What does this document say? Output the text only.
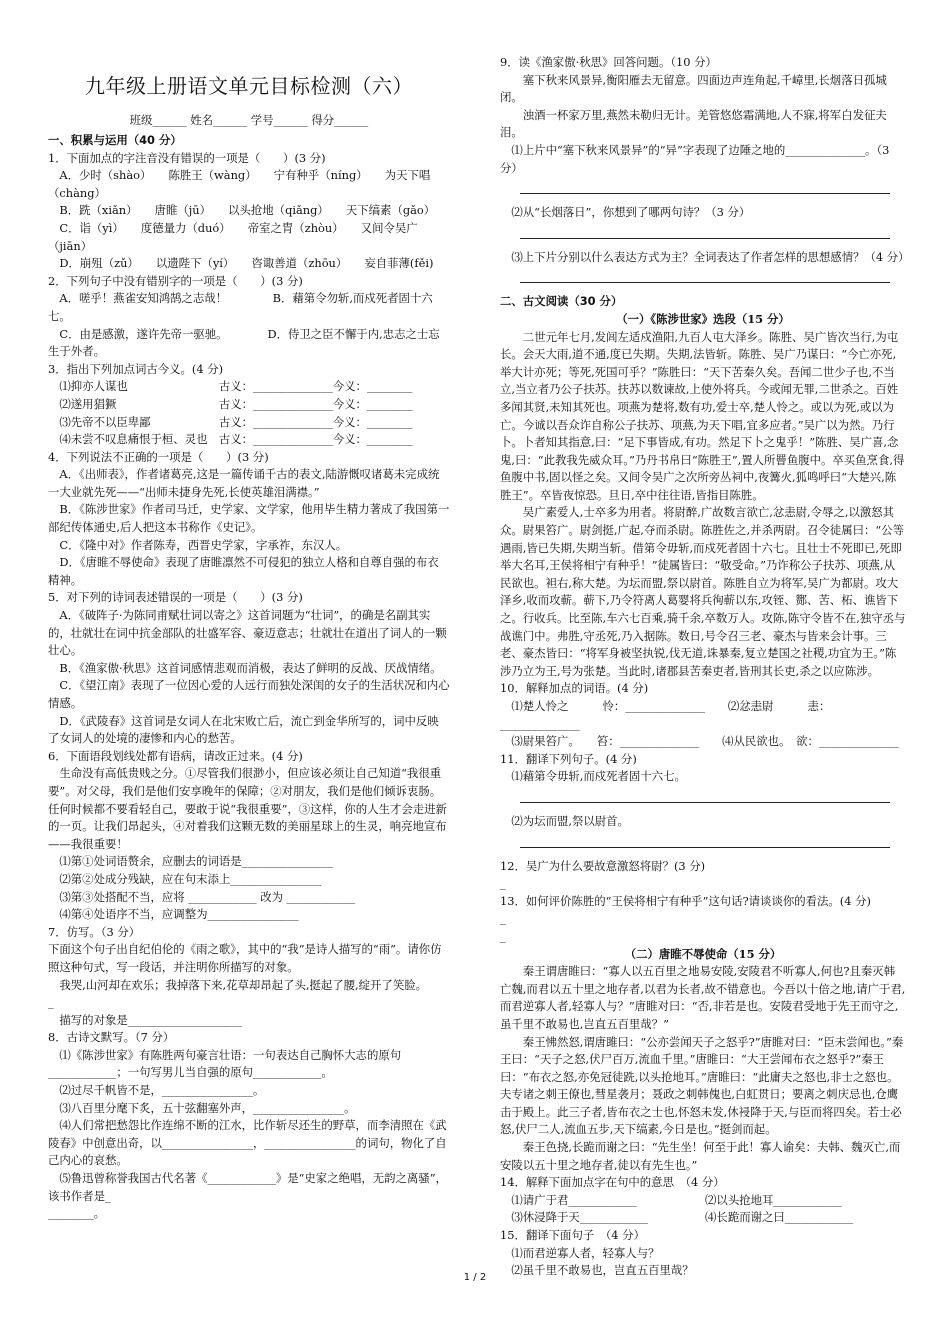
九年级上册语文单元目标检测（六）
班级______ 姓名______ 学号______ 得分______

一、积累与运用（40 分）

1．下面加点的字注音没有错误的一项是（　　）(3 分)

　A．少时（shào）　　陈胜王（wàng）　　宁有种乎（níng）　　为天下唱（chàng）

　B．跣（xiǎn）　　唐睢（jū）　　以头抢地（qiǎng）　　天下缟素（gǎo）

　C．诣（yì）　　度德量力（duó）　　帝室之胄（zhòu）　　又间令吴广（jiān）

　D．崩殂（zǔ）　　以遗陛下（yí）　　咨诹善道（zhōu）　　妄自菲薄(fěi)

2．下列句子中没有错别字的一项是（　　）(3 分)

　A．嗟乎！燕雀安知鸿鹄之志哉！　　　　B．藉第令勿斩,而戍死者固十六七。

　C．由是感激，遂许先帝一驱驰。　　　　D．侍卫之臣不懈于内,忠志之士忘生于外者。

3．指出下列加点词古今义。(4 分)

　⑴抑亦人谋也　　　　　　　　古义：______________今义：________

　⑵遂用猖獗　　　　　　　　　古义：______________今义：________

　⑶先帝不以臣卑鄙　　　　　　古义：______________今义：________

　⑷未尝不叹息痛恨于桓、灵也　古义：______________今义：________

4．下列说法不正确的一项是（　　）(3 分)

　A．《出师表》，作者诸葛亮,这是一篇传诵千古的表文,陆游慨叹诸葛未完成统一大业就先死——“出师未捷身先死,长使英雄泪满襟。”

　B．《陈涉世家》作者司马迁，史学家、文学家，他用毕生精力著成了我国第一部纪传体通史,后人把这本书称作《史记》。

　C．《隆中对》作者陈寿，西晋史学家，字承祚，东汉人。

　D．《唐睢不辱使命》表现了唐睢凛然不可侵犯的独立人格和自尊自强的布衣精神。

5．对下列的诗词表述错误的一项是（　　）(3 分)

　A．《破阵子·为陈同甫赋壮词以寄之》这首词题为“壮词”，的确是名副其实的，壮就壮在词中抗金部队的壮盛军容、豪迈意志；壮就壮在道出了词人的一颗壮心。

　B．《渔家傲·秋思》这首词感情悲观而消极，表达了鲜明的反战、厌战情绪。

　C．《望江南》表现了一位因心爱的人远行而独处深闺的女子的生活状况和内心情感。

　D．《武陵春》这首词是女词人在北宋败亡后，流亡到金华所写的，词中反映了女词人的处境的凄惨和内心的愁苦。

6．下面语段划线处都有语病，请改正过来。(4 分)

　生命没有高低贵贱之分。①尽管我们很渺小，但应该必须让自己知道“我很重要”。对父母，我们是他们安享晚年的保障；②对朋友，我们是他们倾诉衷肠。任何时候都不要看轻自己，要敢于说“我很重要”，③这样，你的人生才会走进新的一页。让我们昂起头，④对着我们这颗无数的美丽星球上的生灵，响亮地宣布——我很重要！

　⑴第①处词语赘余，应删去的词语是________________

　⑵第②处成分残缺，应在句末添上________________

　⑶第③处搭配不当，应将 ____________ 改为 ____________

　⑷第④处语序不当，应调整为________________

7．仿写。（3 分）

下面这个句子出自纪伯伦的《雨之歌》，其中的“我”是诗人描写的“雨”。请你仿照这种句式，写一段话，并注明你所描写的对象。

　我哭,山河却在欢乐；我掉落下来,花草却昂起了头,挺起了腰,绽开了笑脸。

_

　描写的对象是____________________

8．古诗文默写。（7 分）

　⑴《陈涉世家》有陈胜两句豪言壮语：一句表达自己胸怀大志的原句____________；一句写男儿当自强的原句____________。

　⑵过尽千帆皆不是，________________。

　⑶八百里分麾下炙，五十弦翻塞外声，________________。

　⑷人们常把愁怨比作连绵不断的江水，比作斩尽还生的野草，而李清照在《武陵春》中创意出奇，以________________，________________的词句，物化了自己内心的哀愁。

　⑸鲁迅曾称誉我国古代名著《____________》是“史家之绝唱，无韵之离骚”，该书作者是_

________。

9．读《渔家傲·秋思》回答问题。（10 分）

　　塞下秋来风景异,衡阳雁去无留意。四面边声连角起,千嶂里,长烟落日孤城闭。

　　浊酒一杯家万里,燕然未勒归无计。羌管悠悠霜满地,人不寐,将军白发征夫泪。

　⑴上片中“塞下秋来风景异”的“异”字表现了边陲之地的______________。（3 分）

　⑵从“长烟落日”，你想到了哪两句诗？（3 分）

　⑶上下片分别以什么表达方式为主？全词表达了作者怎样的思想感情？（4 分）

二、古文阅读（30 分）

（一）《陈涉世家》选段（15 分）

二世元年七月,发闾左适戍渔阳,九百人屯大泽乡。陈胜、吴广皆次当行,为屯长。会天大雨,道不通,度已失期。失期,法皆斩。陈胜、吴广乃谋曰：“今亡亦死,举大计亦死；等死,死国可乎？”陈胜曰：“天下苦秦久矣。吾闻二世少子也,不当立,当立者乃公子扶苏。扶苏以数谏故,上使外将兵。今或闻无罪,二世杀之。百姓多闻其贤,未知其死也。项燕为楚将,数有功,爱士卒,楚人怜之。或以为死,或以为亡。今诚以吾众诈自称公子扶苏、项燕,为天下唱,宜多应者。”吴广以为然。乃行卜。卜者知其指意,曰：“足下事皆成,有功。然足下卜之鬼乎！”陈胜、吴广喜,念鬼,曰：“此教我先威众耳。”乃丹书帛曰“陈胜王”,置人所罾鱼腹中。卒买鱼烹食,得鱼腹中书,固以怪之矣。又间令吴广之次所旁丛祠中,夜篝火,狐鸣呼曰“大楚兴,陈胜王”。卒皆夜惊恐。旦日,卒中往往语,皆指目陈胜。

吴广素爱人,士卒多为用者。将尉醉,广故数言欲亡,忿恚尉,令辱之,以激怒其众。尉果笞广。尉剑挺,广起,夺而杀尉。陈胜佐之,并杀两尉。召令徒属曰：“公等遇雨,皆已失期,失期当斩。借第令毋斩,而戍死者固十六七。且壮士不死即已,死即举大名耳,王侯将相宁有种乎！”徒属皆曰：“敬受命。”乃诈称公子扶苏、项燕,从民欲也。袒右,称大楚。为坛而盟,祭以尉首。陈胜自立为将军,吴广为都尉。攻大泽乡,收而攻蕲。蕲下,乃令符离人葛婴将兵徇蕲以东,攻铚、酂、苦、柘、谯皆下之。行收兵。比至陈,车六七百乘,骑千余,卒数万人。攻陈,陈守令皆不在,独守丞与战谯门中。弗胜,守丞死,乃入据陈。数日,号令召三老、豪杰与皆来会计事。三老、豪杰皆曰：“将军身被坚执锐,伐无道,诛暴秦,复立楚国之社稷,功宜为王。”陈涉乃立为王,号为张楚。当此时,诸郡县苦秦吏者,皆刑其长吏,杀之以应陈涉。

10．解释加点的词语。(4 分)

　⑴楚人怜之　　　怜：______________　　⑵忿恚尉　　　恚：______________

　⑶尉果笞广。　　笞：______________　　⑷从民欲也。　欲：______________

11．翻译下列句子。(4 分)

　⑴藉第令毋斩,而戍死者固十六七。

　⑵为坛而盟,祭以尉首。

12．吴广为什么要故意激怒将尉？(3 分)

_

13．如何评价陈胜的“王侯将相宁有种乎”这句话?请谈谈你的看法。(4 分)

_

_

（二）唐睢不辱使命（15 分）

秦王谓唐睢曰：“寡人以五百里之地易安陵,安陵君不听寡人,何也?且秦灭韩亡魏,而君以五十里之地存者,以君为长者,故不错意也。今吾以十倍之地,请广于君,而君逆寡人者,轻寡人与？”唐睢对曰：“否,非若是也。安陵君受地于先王而守之,虽千里不敢易也,岂直五百里哉？”

秦王怫然怒,谓唐雎曰：“公亦尝闻天子之怒乎?”唐睢对曰：“臣未尝闻也。”秦王曰：“天子之怒,伏尸百万,流血千里。”唐睢曰：“大王尝闻布衣之怒乎?”秦王曰：“布衣之怒,亦免冠徒跣,以头抢地耳。”唐睢曰：“此庸夫之怒也,非士之怒也。夫专诸之刺王僚也,彗星袭月；聂政之刺韩傀也,白虹贯日；要离之刺庆忌也,仓鹰击于殿上。此三子者,皆布衣之士也,怀怒未发,休祲降于天,与臣而将四矣。若士必怒,伏尸二人,流血五步,天下缟素,今日是也。”挺剑而起。

秦王色挠,长跪而谢之曰：“先生坐！何至于此！寡人谕矣：夫韩、魏灭亡,而安陵以五十里之地存者,徒以有先生也。”

14．解释下面加点字在句中的意思　（4 分）

　⑴请广于君____________　　　　　　⑵以头抢地耳____________

　⑶休浸降于天____________　　　　　⑷长跪而谢之曰____________

15．翻译下面句子　（4 分）

　⑴而君逆寡人者，轻寡人与？

　⑵虽千里不敢易也，岂直五百里哉？

1 / 2
